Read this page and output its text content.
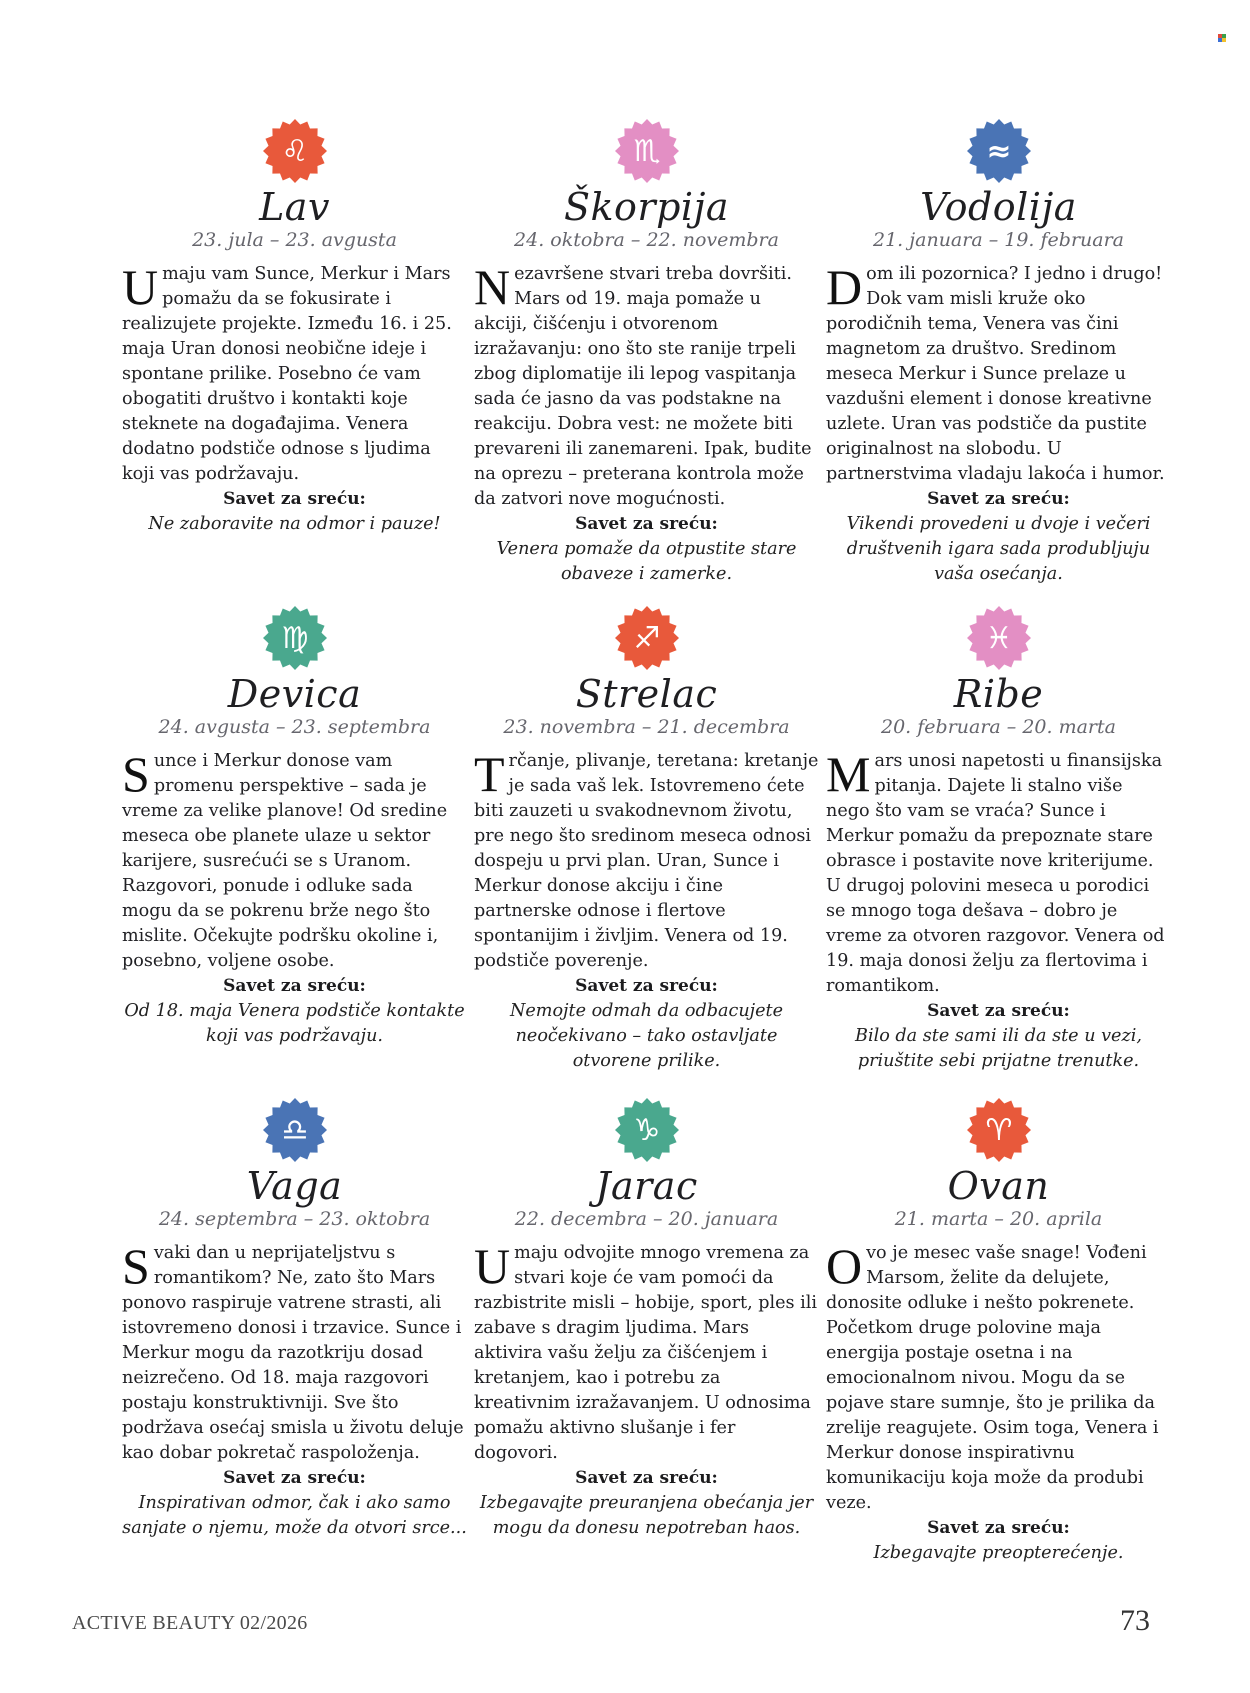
♌
Lav
23. jula – 23. avgusta

Umaju vam Sunce, Merkur i Mars pomažu da se fokusirate i realizujete projekte. Između 16. i 25. maja Uran donosi neobične ideje i spontane prilike. Posebno će vam obogatiti društvo i kontakti koje steknete na događajima. Venera dodatno podstiče odnose s ljudima koji vas podržavaju.

Savet za sreću:
Ne zaboravite na odmor i pauze!
♏
Škorpija
24. oktobra – 22. novembra

Nezavršene stvari treba dovršiti. Mars od 19. maja pomaže u akciji, čišćenju i otvorenom izražavanju: ono što ste ranije trpeli zbog diplomatije ili lepog vaspitanja sada će jasno da vas podstakne na reakciju. Dobra vest: ne možete biti prevareni ili zanemareni. Ipak, budite na oprezu – preterana kontrola može da zatvori nove mogućnosti.

Savet za sreću:
Venera pomaže da otpustite stare obaveze i zamerke.
≈
Vodolija
21. januara – 19. februara

Dom ili pozornica? I jedno i drugo! Dok vam misli kruže oko porodičnih tema, Venera vas čini magnetom za društvo. Sredinom meseca Merkur i Sunce prelaze u vazdušni element i donose kreativne uzlete. Uran vas podstiče da pustite originalnost na slobodu. U partnerstvima vladaju lakoća i humor.

Savet za sreću:
Vikendi provedeni u dvoje i večeri društvenih igara sada produbljuju vaša osećanja.
♍
Devica
24. avgusta – 23. septembra

Sunce i Merkur donose vam promenu perspektive – sada je vreme za velike planove! Od sredine meseca obe planete ulaze u sektor karijere, susrećući se s Uranom. Razgovori, ponude i odluke sada mogu da se pokrenu brže nego što mislite. Očekujte podršku okoline i, posebno, voljene osobe.

Savet za sreću:
Od 18. maja Venera podstiče kontakte koji vas podržavaju.
♐
Strelac
23. novembra – 21. decembra

Trčanje, plivanje, teretana: kretanje je sada vaš lek. Istovremeno ćete biti zauzeti u svakodnevnom životu, pre nego što sredinom meseca odnosi dospeju u prvi plan. Uran, Sunce i Merkur donose akciju i čine partnerske odnose i flertove spontanijim i življim. Venera od 19. podstiče poverenje.

Savet za sreću:
Nemojte odmah da odbacujete neočekivano – tako ostavljate otvorene prilike.
♓
Ribe
20. februara – 20. marta

Mars unosi napetosti u finansijska pitanja. Dajete li stalno više nego što vam se vraća? Sunce i Merkur pomažu da prepoznate stare obrasce i postavite nove kriterijume. U drugoj polovini meseca u porodici se mnogo toga dešava – dobro je vreme za otvoren razgovor. Venera od 19. maja donosi želju za flertovima i romantikom.

Savet za sreću:
Bilo da ste sami ili da ste u vezi, priuštite sebi prijatne trenutke.
♎
Vaga
24. septembra – 23. oktobra

Svaki dan u neprijateljstvu s romantikom? Ne, zato što Mars ponovo raspiruje vatrene strasti, ali istovremeno donosi i trzavice. Sunce i Merkur mogu da razotkriju dosad neizrečeno. Od 18. maja razgovori postaju konstruktivniji. Sve što podržava osećaj smisla u životu deluje kao dobar pokretač raspoloženja.

Savet za sreću:
Inspirativan odmor, čak i ako samo sanjate o njemu, može da otvori srce...
♑
Jarac
22. decembra – 20. januara

Umaju odvojite mnogo vremena za stvari koje će vam pomoći da razbistrite misli – hobije, sport, ples ili zabave s dragim ljudima. Mars aktivira vašu želju za čišćenjem i kretanjem, kao i potrebu za kreativnim izražavanjem. U odnosima pomažu aktivno slušanje i fer dogovori.

Savet za sreću:
Izbegavajte preuranjena obećanja jer mogu da donesu nepotreban haos.
♈
Ovan
21. marta – 20. aprila

Ovo je mesec vaše snage! Vođeni Marsom, želite da delujete, donosite odluke i nešto pokrenete. Početkom druge polovine maja energija postaje osetna i na emocionalnom nivou. Mogu da se pojave stare sumnje, što je prilika da zrelije reagujete. Osim toga, Venera i Merkur donose inspirativnu komunikaciju koja može da produbi veze.

Savet za sreću:
Izbegavajte preopterećenje.
ACTIVE BEAUTY 02/2026	73
